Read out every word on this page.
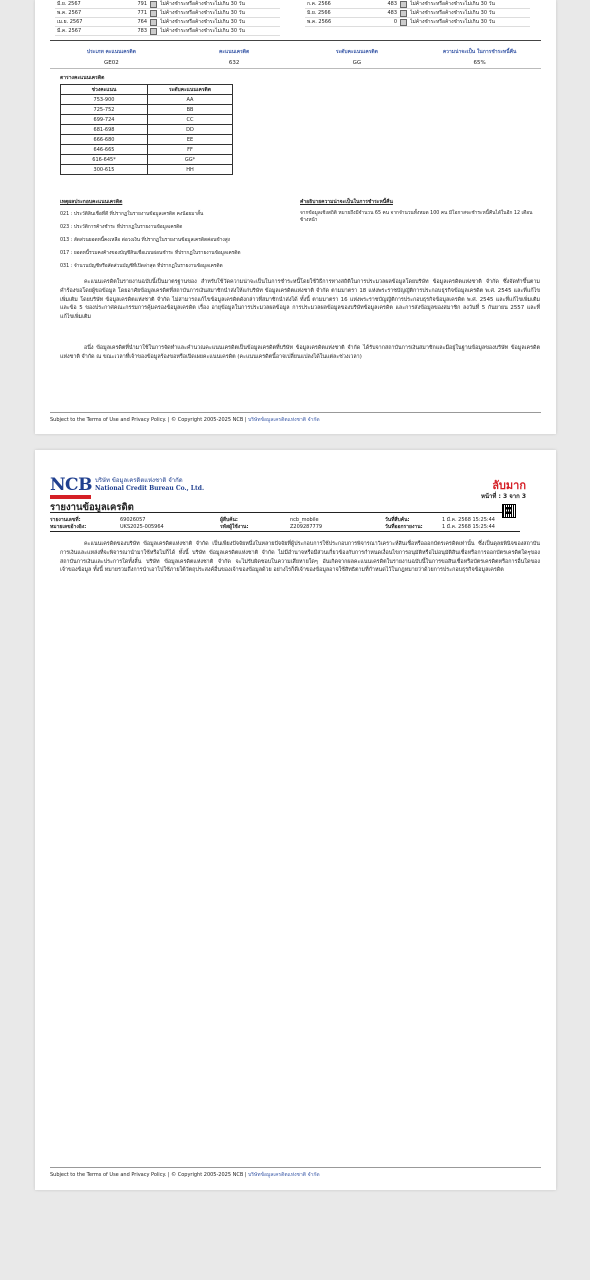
มี.ย. 2567	791	ไม่ค้างชำระหรือค้างชำระไม่เกิน 30 วัน
พ.ค. 2567	771	ไม่ค้างชำระหรือค้างชำระไม่เกิน 30 วัน
เม.ย. 2567	764	ไม่ค้างชำระหรือค้างชำระไม่เกิน 30 วัน
มี.ค. 2567	783	ไม่ค้างชำระหรือค้างชำระไม่เกิน 30 วัน
ก.ค. 2566	483	ไม่ค้างชำระหรือค้างชำระไม่เกิน 30 วัน
มิ.ย. 2566	483	ไม่ค้างชำระหรือค้างชำระไม่เกิน 30 วัน
พ.ค. 2566	0	ไม่ค้างชำระหรือค้างชำระไม่เกิน 30 วัน
ประเภท คะแนนเครดิต	คะแนนเครดิต	ระดับคะแนนเครดิต	ความน่าจะเป็น ในการชำระหนี้คืน
GE02	632	GG	65%
ตารางคะแนนเครดิต
ช่วงคะแนน	ระดับคะแนนเครดิต
753-900	AA
725-752	BB
699-724	CC
681-698	DD
666-680	EE
646-665	FF
616-645*	GG*
300-615	HH
เหตุผลประกอบคะแนนเครดิต
021 : ประวัติสินเชื่อที่ดี ที่ปรากฏในรายงานข้อมูลเครดิต คงน้อยมาสั้น
023 : ประวัติการค้างชำระ ที่ปรากฏในรายงานข้อมูลเครดิต
013 : สัดส่วนยอดหนี้คงเหลือ ต่อวงเงิน ที่ปรากฏในรายงานข้อมูลเครดิตค่อนข้างสูง
017 : ยอดหนี้รวมคงค้างของบัญชีสินเชื่อแบบผ่อนชำระ ที่ปรากฏในรายงานข้อมูลเครดิต
031 : จำนวนบัญชีหรือสัดส่วนบัญชีที่เปิดล่าสุด ที่ปรากฏในรายงานข้อมูลเครดิต
คำอธิบายความน่าจะเป็นในการชำระหนี้คืน
จากข้อมูลเชิงสถิติ หมายถึงมีจำนวน 65 คน จากจำนวนทั้งหมด 100 คน มีโอกาสจะชำระหนี้คืนได้ในอีก 12 เดือนข้างหน้า
คะแนนเครดิตในรายงานฉบับนี้เป็นมาตรฐานของ สำหรับใช้วัดความน่าจะเป็นในการชำระหนี้โดยใช้วิธีการทางสถิติในการประมวลผลข้อมูลโดยบริษัท ข้อมูลเครดิตแห่งชาติ จำกัด ซึ่งจัดทำขึ้นตามคำร้องขอโดยผู้ขอข้อมูล โดยอาศัยข้อมูลเครดิตที่สถาบันการเงินสมาชิกนำส่งให้แก่บริษัท ข้อมูลเครดิตแห่งชาติ จำกัด ตามมาตรา 18 แห่งพระราชบัญญัติการประกอบธุรกิจข้อมูลเครดิต พ.ศ. 2545 และที่แก้ไขเพิ่มเติม โดยบริษัท ข้อมูลเครดิตแห่งชาติ จำกัด ไม่สามารถแก้ไขข้อมูลเครดิตดังกล่าวที่สมาชิกนำส่งได้ ทั้งนี้ ตามมาตรา 16 แห่งพระราชบัญญัติการประกอบธุรกิจข้อมูลเครดิต พ.ศ. 2545 และที่แก้ไขเพิ่มเติม และข้อ 5 ของประกาศคณะกรรมการคุ้มครองข้อมูลเครดิต เรื่อง อายุข้อมูลในการประมวลผลข้อมูล การประมวลผลข้อมูลของบริษัทข้อมูลเครดิต และการส่งข้อมูลของสมาชิก ลงวันที่ 5 กันยายน 2557 และที่แก้ไขเพิ่มเติม
อนึ่ง ข้อมูลเครดิตที่นำมาใช้ในการจัดทำและคำนวณคะแนนเครดิตเป็นข้อมูลเครดิตที่บริษัท ข้อมูลเครดิตแห่งชาติ จำกัด ได้รับจากสถาบันการเงินสมาชิกและมีอยู่ในฐานข้อมูลของบริษัท ข้อมูลเครดิตแห่งชาติ จำกัด ณ ขณะเวลาที่เจ้าของข้อมูลร้องขอหรือเปิดเผยคะแนนเครดิต (คะแนนเครดิตนี้อาจเปลี่ยนแปลงได้ในแต่ละช่วงเวลา)
Subject to the Terms of Use and Privacy Policy. | © Copyright 2005-2025 NCB | บริษัทข้อมูลเครดิตแห่งชาติ จำกัด
NCB บริษัท ข้อมูลเครดิตแห่งชาติ จำกัด
National Credit Bureau Co., Ltd.	ลับมาก
หน้าที่ : 3 จาก 3
รายงานข้อมูลเครดิต
รายงานเลขที่:	69026057	ผู้สืบค้น:	ncb_mobile	วันที่สืบค้น:	1 มี.ค. 2568 15:25:44
หมายเลขอ้างอิง:	UKS2025-005964	รหัสผู้ใช้งาน:	Z209287779	วันที่ออกรายงาน:	1 มี.ค. 2568 15:25:44
คะแนนเครดิตของบริษัท ข้อมูลเครดิตแห่งชาติ จำกัด เป็นเพียงปัจจัยหนึ่งในหลายปัจจัยที่ผู้ประกอบการใช้ประกอบการพิจารณาวิเคราะห์สินเชื่อหรือออกบัตรเครดิตเท่านั้น ซึ่งเป็นดุลยพินิจของสถาบันการเงินและแหล่งที่จะพิจารณานำมาใช้หรือไม่ก็ได้ ทั้งนี้ บริษัท ข้อมูลเครดิตแห่งชาติ จำกัด ไม่มีอำนาจหรือมีส่วนเกี่ยวข้องกับการกำหนดเงื่อนไขการอนุมัติหรือไม่อนุมัติสินเชื่อหรือการออกบัตรเครดิตใดๆของสถาบันการเงินและประการใดทั้งสิ้น บริษัท ข้อมูลเครดิตแห่งชาติ จำกัด จะไม่รับผิดชอบในความเสียหายใดๆ อันเกิดจากผลคะแนนเครดิตในรายงานฉบับนี้ในการขอสินเชื่อหรือบัตรเครดิตหรือการอื่นใดของเจ้าของข้อมูล ทั้งนี้ หมายรวมถึงการนำเอาไปใช้ภายใต้วัตถุประสงค์อื่นของเจ้าของข้อมูลด้วย อย่างไรก็ดีเจ้าของข้อมูลอาจใช้สิทธิตามที่กำหนดไว้ในกฎหมายว่าด้วยการประกอบธุรกิจข้อมูลเครดิต
Subject to the Terms of Use and Privacy Policy. | © Copyright 2005-2025 NCB | บริษัทข้อมูลเครดิตแห่งชาติ จำกัด
